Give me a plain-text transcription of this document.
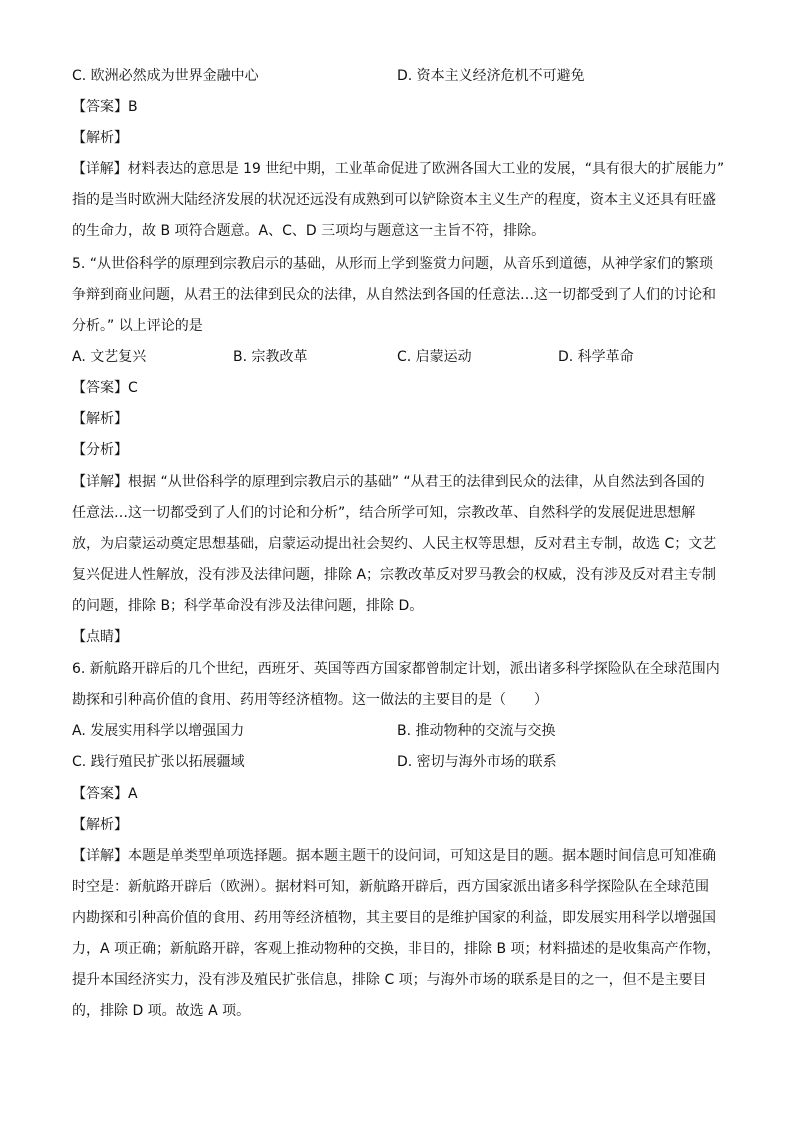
C. 欧洲必然成为世界金融中心	D. 资本主义经济危机不可避免
【答案】B
【解析】
【详解】材料表达的意思是 19 世纪中期，工业革命促进了欧洲各国大工业的发展，“具有很大的扩展能力”
指的是当时欧洲大陆经济发展的状况还远没有成熟到可以铲除资本主义生产的程度，资本主义还具有旺盛
的生命力，故 B 项符合题意。A、C、D 三项均与题意这一主旨不符，排除。
5. “从世俗科学的原理到宗教启示的基础，从形而上学到鉴赏力问题，从音乐到道德，从神学家们的繁琐
争辩到商业问题，从君王的法律到民众的法律，从自然法到各国的任意法…这一切都受到了人们的讨论和
分析。” 以上评论的是
A. 文艺复兴	B. 宗教改革	C. 启蒙运动	D. 科学革命
【答案】C
【解析】
【分析】
【详解】根据 “从世俗科学的原理到宗教启示的基础” “从君王的法律到民众的法律，从自然法到各国的
任意法…这一切都受到了人们的讨论和分析”，结合所学可知，宗教改革、自然科学的发展促进思想解
放，为启蒙运动奠定思想基础，启蒙运动提出社会契约、人民主权等思想，反对君主专制，故选 C；文艺
复兴促进人性解放，没有涉及法律问题，排除 A；宗教改革反对罗马教会的权威，没有涉及反对君主专制
的问题，排除 B；科学革命没有涉及法律问题，排除 D。
【点睛】
6. 新航路开辟后的几个世纪，西班牙、英国等西方国家都曾制定计划，派出诸多科学探险队在全球范围内
勘探和引种高价值的食用、药用等经济植物。这一做法的主要目的是（　　）
A. 发展实用科学以增强国力	B. 推动物种的交流与交换
C. 践行殖民扩张以拓展疆域	D. 密切与海外市场的联系
【答案】A
【解析】
【详解】本题是单类型单项选择题。据本题主题干的设问词，可知这是目的题。据本题时间信息可知准确
时空是：新航路开辟后（欧洲）。据材料可知，新航路开辟后，西方国家派出诸多科学探险队在全球范围
内勘探和引种高价值的食用、药用等经济植物，其主要目的是维护国家的利益，即发展实用科学以增强国
力，A 项正确；新航路开辟，客观上推动物种的交换，非目的，排除 B 项；材料描述的是收集高产作物，
提升本国经济实力，没有涉及殖民扩张信息，排除 C 项；与海外市场的联系是目的之一，但不是主要目
的，排除 D 项。故选 A 项。
